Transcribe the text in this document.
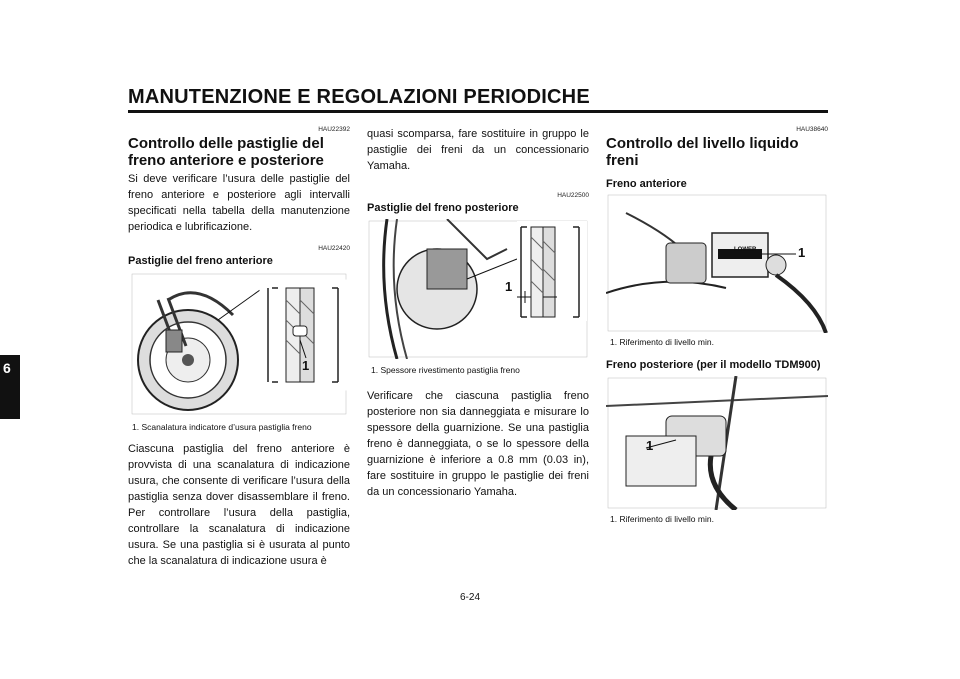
MANUTENZIONE E REGOLAZIONI PERIODICHE
6

HAU22392

Controllo delle pastiglie del freno anteriore e posteriore

Si deve verificare l’usura delle pastiglie del freno anteriore e posteriore agli intervalli specificati nella tabella della manutenzione periodica e lubrificazione.

HAU22420

Pastiglie del freno anteriore
1

1. Scanalatura indicatore d’usura pastiglia freno

Ciascuna pastiglia del freno anteriore è provvista di una scanalatura di indicazione usura, che consente di verificare l’usura della pastiglia senza dover disassemblare il freno. Per controllare l’usura della pastiglia, controllare la scanalatura di indicazione usura. Se una pastiglia si è usurata al punto che la scanalatura di indicazione usura è

quasi scomparsa, fare sostituire in gruppo le pastiglie dei freni da un concessionario Yamaha.

HAU22500

Pastiglie del freno posteriore
1

1. Spessore rivestimento pastiglia freno

Verificare che ciascuna pastiglia freno posteriore non sia danneggiata e misurare lo spessore della guarnizione. Se una pastiglia freno è danneggiata, o se lo spessore della guarnizione è inferiore a 0.8 mm (0.03 in), fare sostituire in gruppo le pastiglie dei freni da un concessionario Yamaha.

HAU38640

Controllo del livello liquido freni
Freno anteriore
LOWER	1

1. Riferimento di livello min.

Freno posteriore (per il modello TDM900)
1

1. Riferimento di livello min.

6-24
